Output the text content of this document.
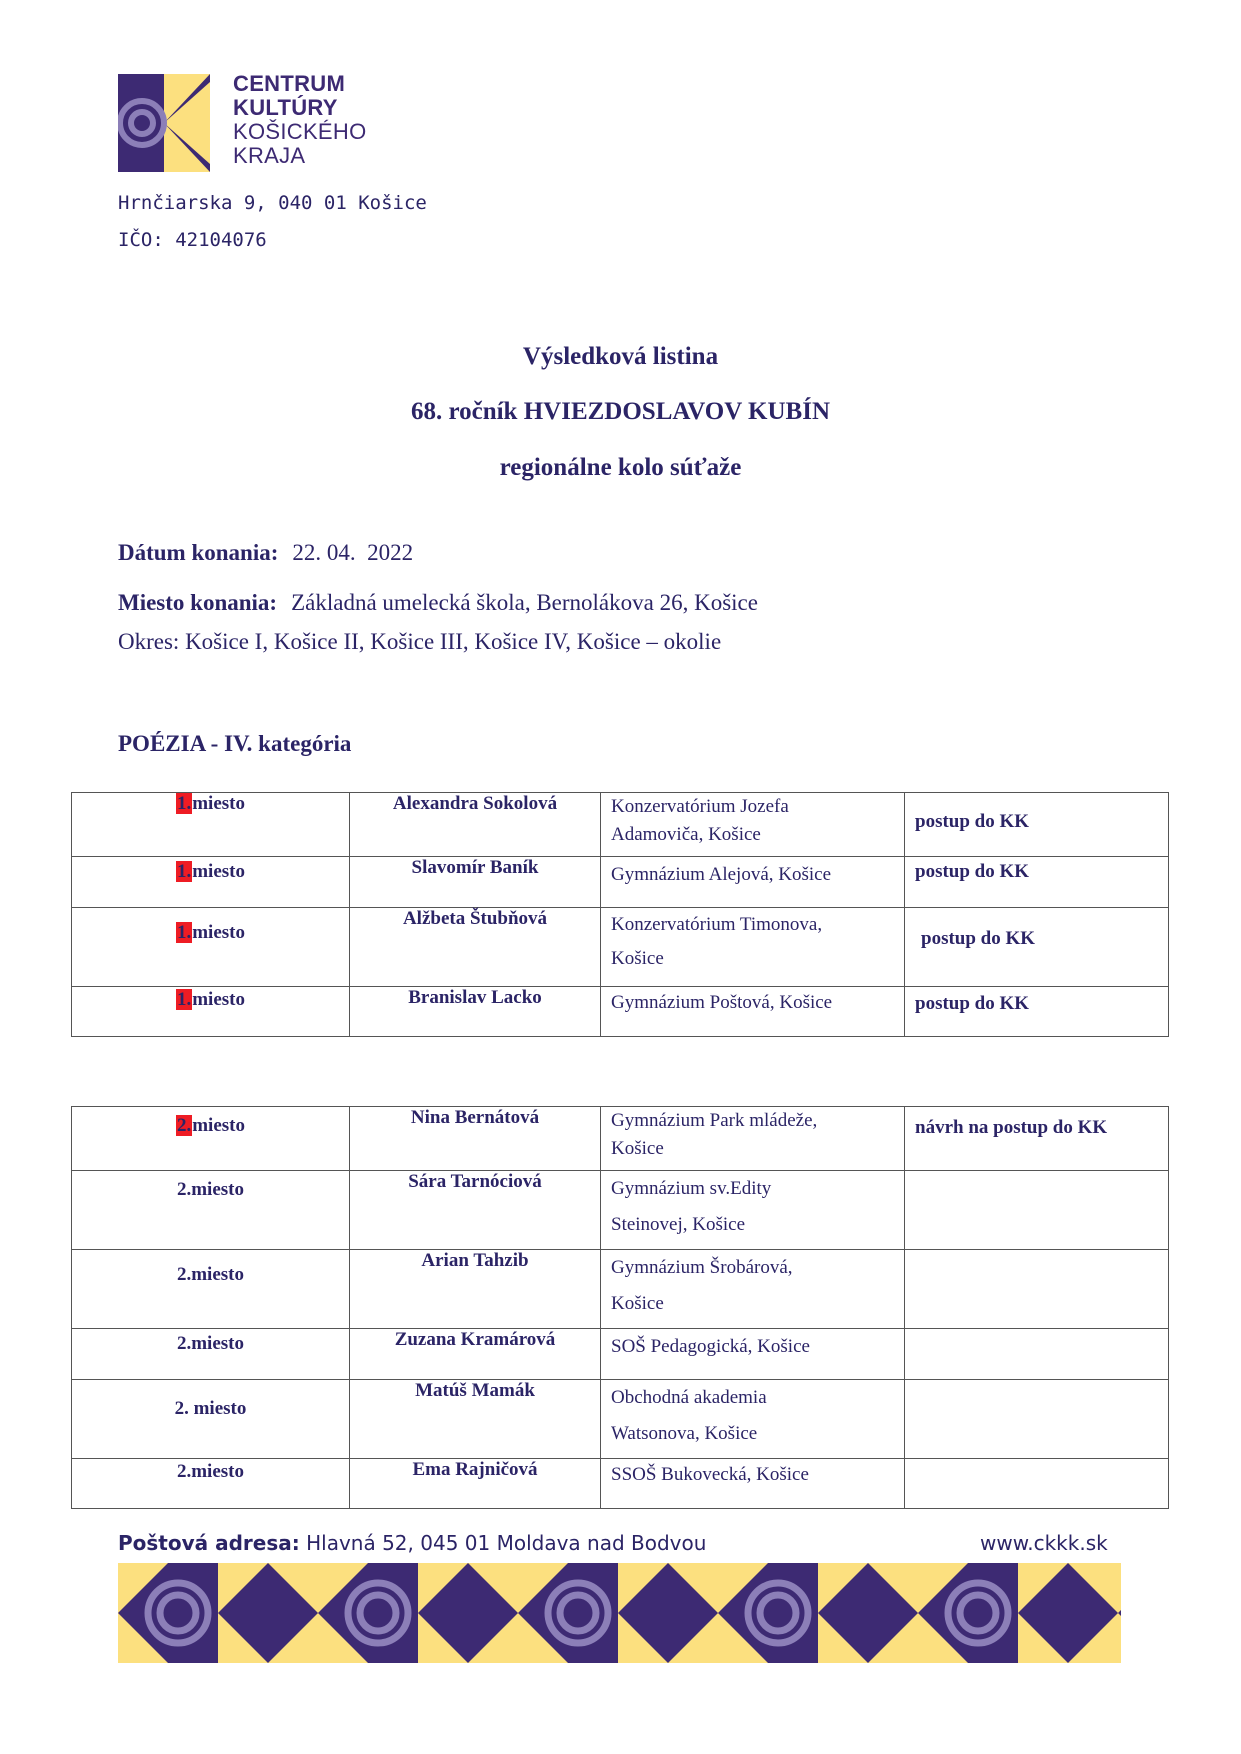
CENTRUM
KULTÚRY
KOŠICKÉHO
KRAJA
Hrnčiarska 9, 040 01 Košice
IČO: 42104076
Výsledková listina
68. ročník HVIEZDOSLAVOV KUBÍN
regionálne kolo súťaže
Dátum konania: 22. 04.  2022
Miesto konania: Základná umelecká škola, Bernolákova 26, Košice
Okres: Košice I, Košice II, Košice III, Košice IV, Košice – okolie
POÉZIA - IV. kategória
1.miesto	Alexandra Sokolová	Konzervatórium Jozefa
Adamoviča, Košice	postup do KK
1.miesto	Slavomír Baník	Gymnázium Alejová, Košice	postup do KK
1.miesto	Alžbeta Štubňová	Konzervatórium Timonova,
Košice	postup do KK
1.miesto	Branislav Lacko	Gymnázium Poštová, Košice	postup do KK
2.miesto	Nina Bernátová	Gymnázium Park mládeže,
Košice	návrh na postup do KK
2.miesto	Sára Tarnóciová	Gymnázium sv.Edity
Steinovej, Košice	

2.miesto	Arian Tahzib	Gymnázium Šrobárová,
Košice	

2.miesto	Zuzana Kramárová	SOŠ Pedagogická, Košice	

2. miesto	Matúš Mamák	Obchodná akademia
Watsonova, Košice	

2.miesto	Ema Rajničová	SSOŠ Bukovecká, Košice	

Poštová adresa: Hlavná 52, 045 01 Moldava nad Bodvou	www.ckkk.sk
